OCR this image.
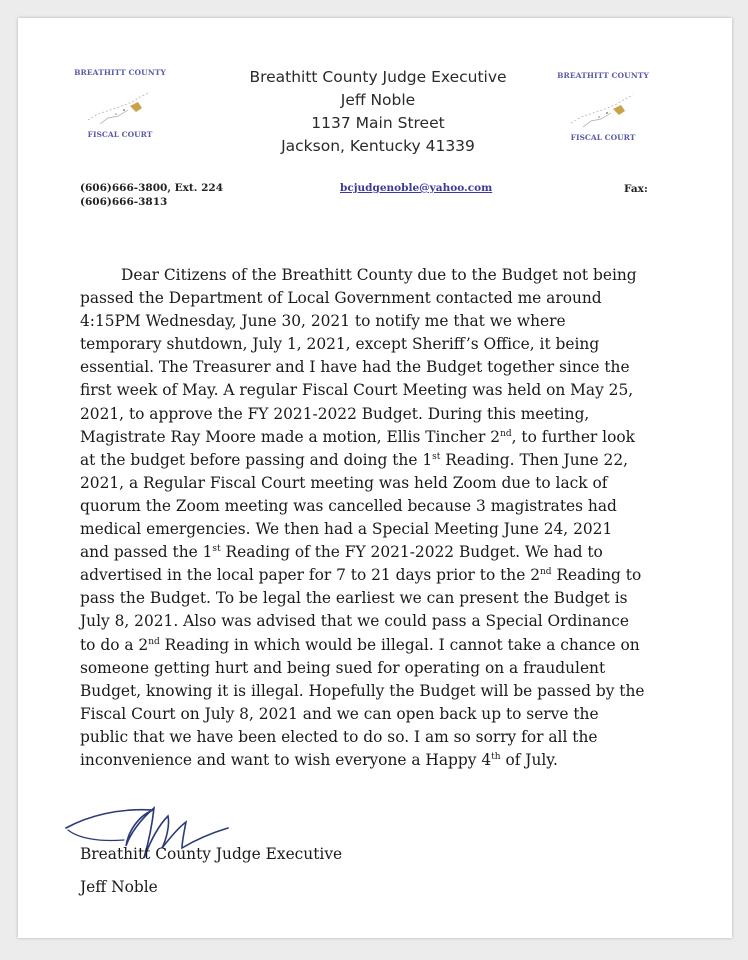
BREATHITT COUNTY
FISCAL COURT
BREATHITT COUNTY
FISCAL COURT
Breathitt County Judge Executive
Jeff Noble
1137 Main Street
Jackson, Kentucky 41339
(606)666-3800, Ext. 224
(606)666-3813
bcjudgenoble@yahoo.com	Fax:
Dear Citizens of the Breathitt County due to the Budget not being
passed the Department of Local Government contacted me around
4:15PM Wednesday, June 30, 2021 to notify me that we where
temporary shutdown, July 1, 2021, except Sheriff’s Office, it being
essential. The Treasurer and I have had the Budget together since the
first week of May. A regular Fiscal Court Meeting was held on May 25,
2021, to approve the FY 2021-2022 Budget. During this meeting,
Magistrate Ray Moore made a motion, Ellis Tincher 2nd, to further look
at the budget before passing and doing the 1st Reading. Then June 22,
2021, a Regular Fiscal Court meeting was held Zoom due to lack of
quorum the Zoom meeting was cancelled because 3 magistrates had
medical emergencies. We then had a Special Meeting June 24, 2021
and passed the 1st Reading of the FY 2021-2022 Budget. We had to
advertised in the local paper for 7 to 21 days prior to the 2nd Reading to
pass the Budget. To be legal the earliest we can present the Budget is
July 8, 2021. Also was advised that we could pass a Special Ordinance
to do a 2nd Reading in which would be illegal. I cannot take a chance on
someone getting hurt and being sued for operating on a fraudulent
Budget, knowing it is illegal. Hopefully the Budget will be passed by the
Fiscal Court on July 8, 2021 and we can open back up to serve the
public that we have been elected to do so. I am so sorry for all the
inconvenience and want to wish everyone a Happy 4th of July.
Breathitt County Judge Executive
Jeff Noble
